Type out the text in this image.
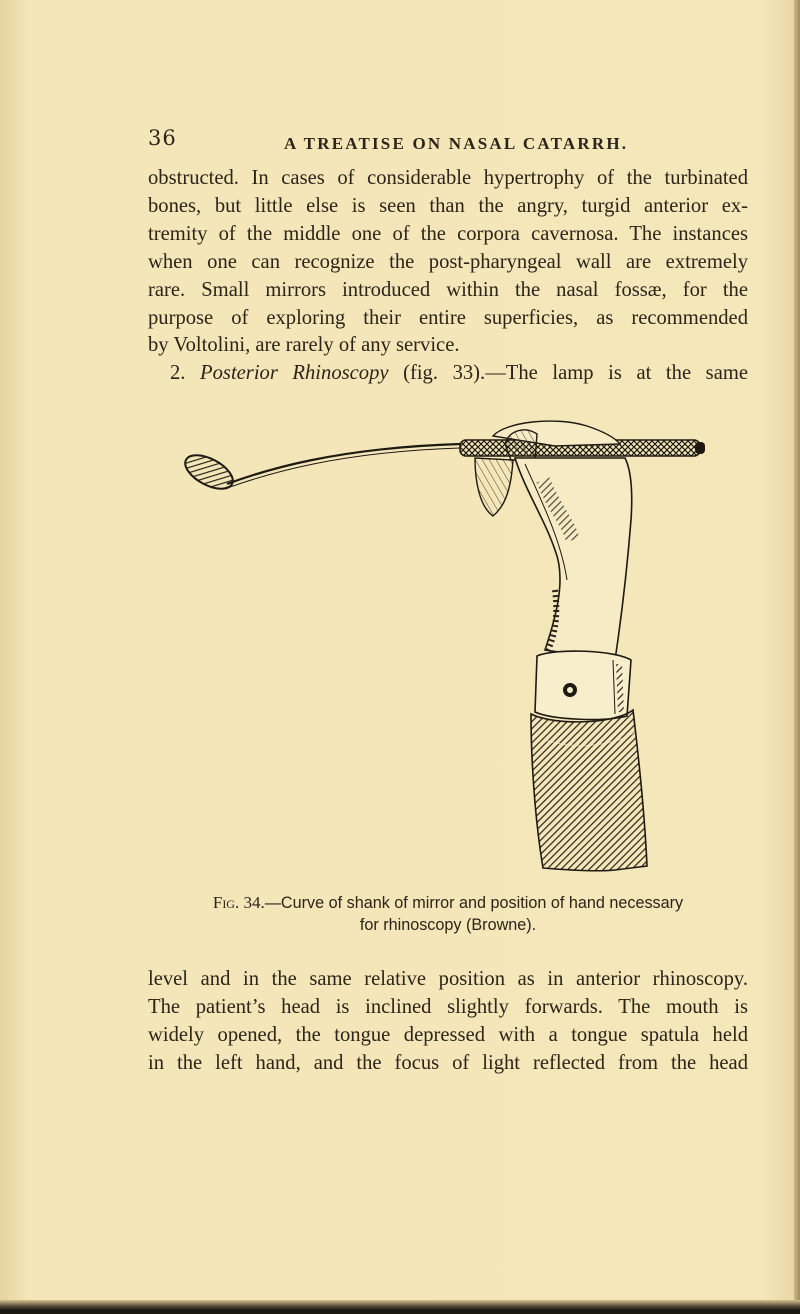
36	A TREATISE ON NASAL CATARRH.
obstructed. In cases of considerable hypertrophy of the turbinated
bones, but little else is seen than the angry, turgid anterior ex-
tremity of the middle one of the corpora cavernosa. The instances
when one can recognize the post-pharyngeal wall are extremely
rare. Small mirrors introduced within the nasal fossæ, for the
purpose of exploring their entire superficies, as recommended
by Voltolini, are rarely of any service.
2. Posterior Rhinoscopy (fig. 33).—The lamp is at the same
Fig. 34.—Curve of shank of mirror and position of hand necessary
for rhinoscopy (Browne).
level and in the same relative position as in anterior rhinoscopy.
The patient’s head is inclined slightly forwards. The mouth is
widely opened, the tongue depressed with a tongue spatula held
in the left hand, and the focus of light reflected from the head
